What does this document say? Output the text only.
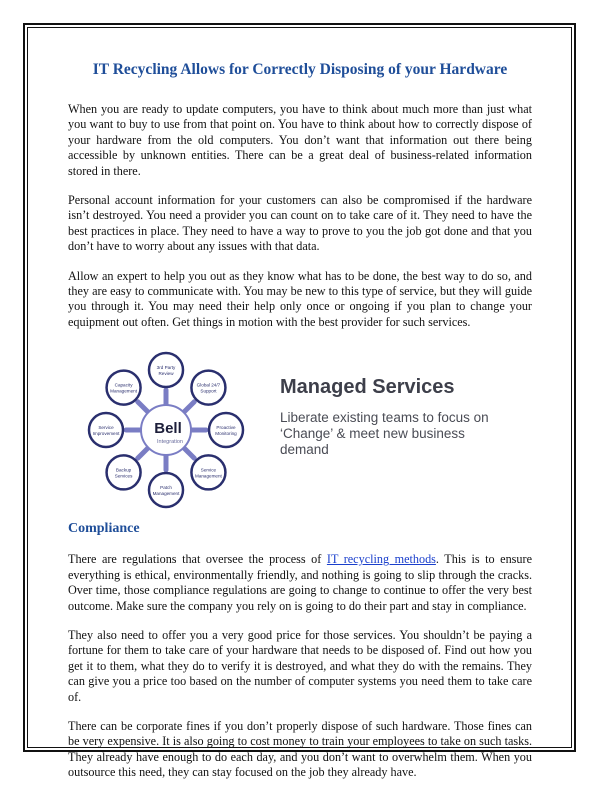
IT Recycling Allows for Correctly Disposing of your Hardware

When you are ready to update computers, you have to think about much more than just what you want to buy to use from that point on. You have to think about how to correctly dispose of your hardware from the old computers. You don’t want that information out there being accessible by unknown entities. There can be a great deal of business-related information stored in there.

Personal account information for your customers can also be compromised if the hardware isn’t destroyed. You need a provider you can count on to take care of it. They need to have the best practices in place. They need to have a way to prove to you the job got done and that you don’t have to worry about any issues with that data.

Allow an expert to help you out as they know what has to be done, the best way to do so, and they are easy to communicate with. You may be new to this type of service, but they will guide you through it. You may need their help only once or ongoing if you plan to change your equipment out often. Get things in motion with the best provider for such services.

Bell
Integration
3rd Party
Review
Global 24/7
Support
Proactive
Monitoring
Service
Management
Patch
Management
Backup
Services
Service
Improvement
Capacity
Management	Managed Services
Liberate existing teams to focus on ‘Change’ & meet new business demand
Compliance

There are regulations that oversee the process of IT recycling methods. This is to ensure everything is ethical, environmentally friendly, and nothing is going to slip through the cracks. Over time, those compliance regulations are going to change to continue to offer the very best outcome. Make sure the company you rely on is going to do their part and stay in compliance.

They also need to offer you a very good price for those services. You shouldn’t be paying a fortune for them to take care of your hardware that needs to be disposed of. Find out how you get it to them, what they do to verify it is destroyed, and what they do with the remains. They can give you a price too based on the number of computer systems you need them to take care of.

There can be corporate fines if you don’t properly dispose of such hardware. Those fines can be very expensive. It is also going to cost money to train your employees to take on such tasks. They already have enough to do each day, and you don’t want to overwhelm them. When you outsource this need, they can stay focused on the job they already have.
